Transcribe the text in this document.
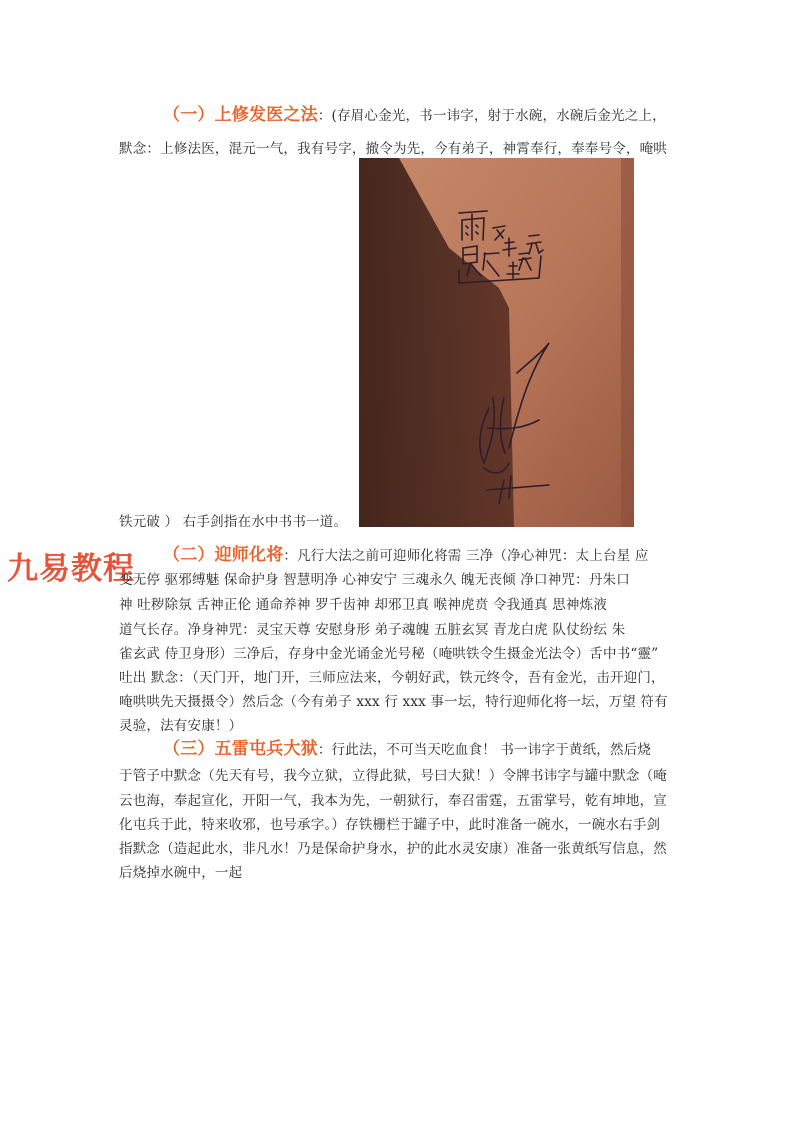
（一）上修发医之法：(存眉心金光，书一讳字，射于水碗，水碗后金光之上，
默念：上修法医，混元一气，我有号字，撤令为先，今有弟子，神霄奉行，奉奉号令，唵哄
铁元破 ） 右手剑指在水中书书一道。
九易教程 （二）迎师化将：凡行大法之前可迎师化将需 三净（净心神咒：太上台星 应
变无停 驱邪缚魅 保命护身 智慧明净 心神安宁 三魂永久 魄无丧倾 净口神咒：丹朱口
神 吐秽除氛 舌神正伦 通命养神 罗千齿神 却邪卫真 喉神虎贲 令我通真 思神炼液
道气长存。净身神咒：灵宝天尊 安慰身形 弟子魂魄 五脏玄冥 青龙白虎 队仗纷纭 朱
雀玄武 侍卫身形）三净后，存身中金光诵金光号秘（唵哄铁令生摄金光法令）舌中书“靈”
吐出 默念：（天门开，地门开，三师应法来，今朝好武，铁元终令，吾有金光，击开迎门，
唵哄哄先天摄摄令）然后念（今有弟子 xxx 行 xxx 事一坛，特行迎师化将一坛，万望 符有
灵验，法有安康！）
（三）五雷屯兵大狱：行此法，不可当天吃血食！ 书一讳字于黄纸，然后烧
于管子中默念（先天有号，我今立狱，立得此狱，号曰大狱！）令牌书讳字与罐中默念（唵
云也海，奉起宣化，开阳一气，我本为先，一朝狱行，奉召雷霆，五雷掌号，乾有坤地，宣
化屯兵于此，特来收邪，也号承字。）存铁栅栏于罐子中，此时准备一碗水，一碗水右手剑
指默念（造起此水，非凡水！乃是保命护身水，护的此水灵安康）准备一张黄纸写信息，然
后烧掉水碗中，一起
